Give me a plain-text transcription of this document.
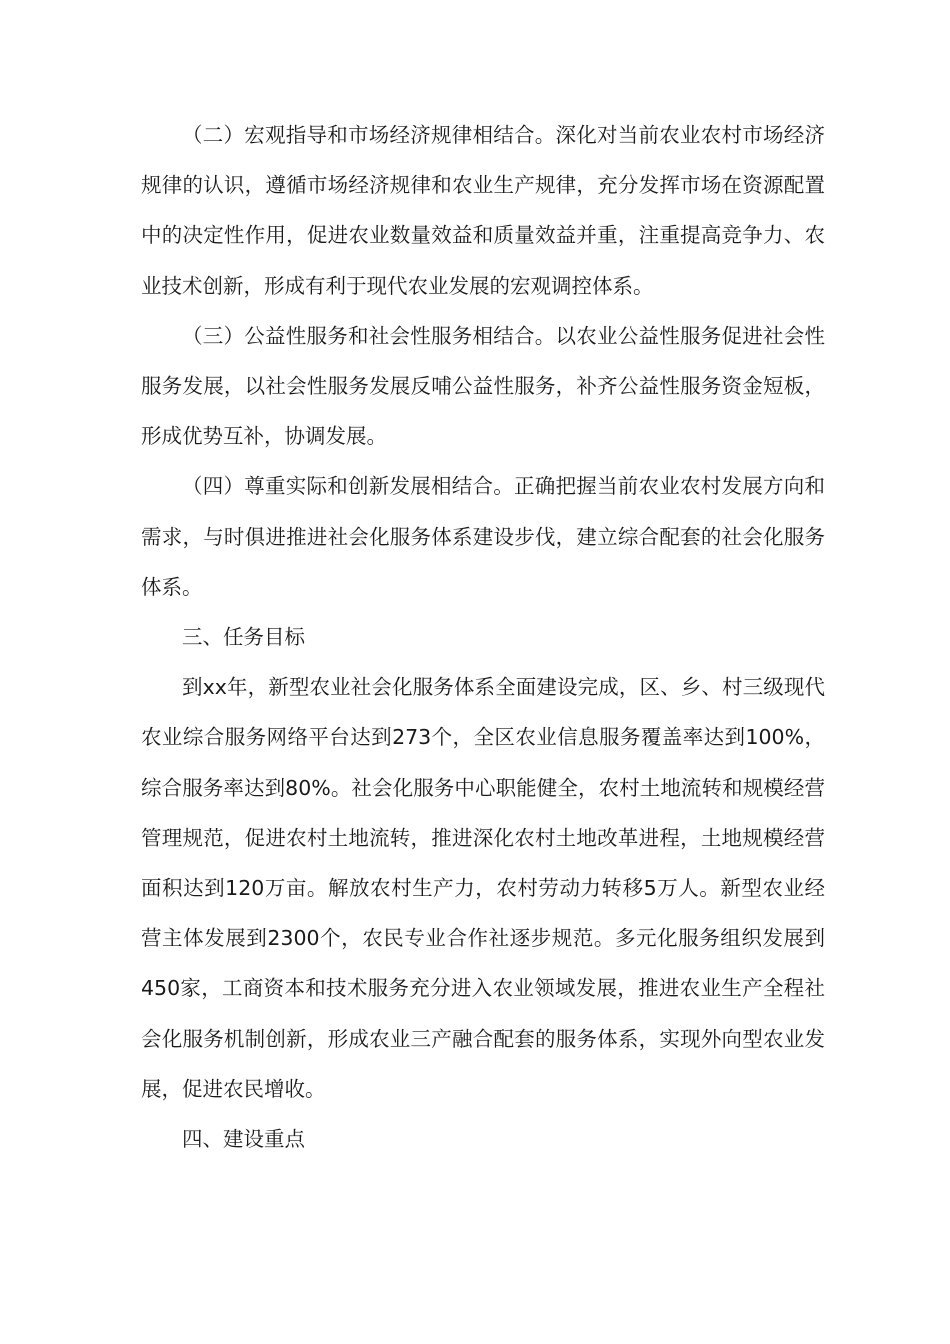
（二）宏观指导和市场经济规律相结合。深化对当前农业农村市场经济规律的认识，遵循市场经济规律和农业生产规律，充分发挥市场在资源配置中的决定性作用，促进农业数量效益和质量效益并重，注重提高竞争力、农业技术创新，形成有利于现代农业发展的宏观调控体系。

（三）公益性服务和社会性服务相结合。以农业公益性服务促进社会性服务发展，以社会性服务发展反哺公益性服务，补齐公益性服务资金短板，形成优势互补，协调发展。

（四）尊重实际和创新发展相结合。正确把握当前农业农村发展方向和需求，与时俱进推进社会化服务体系建设步伐，建立综合配套的社会化服务体系。

三、任务目标

到xx年，新型农业社会化服务体系全面建设完成，区、乡、村三级现代农业综合服务网络平台达到273个，全区农业信息服务覆盖率达到100%，综合服务率达到80%。社会化服务中心职能健全，农村土地流转和规模经营管理规范，促进农村土地流转，推进深化农村土地改革进程，土地规模经营面积达到120万亩。解放农村生产力，农村劳动力转移5万人。新型农业经营主体发展到2300个，农民专业合作社逐步规范。多元化服务组织发展到450家，工商资本和技术服务充分进入农业领域发展，推进农业生产全程社会化服务机制创新，形成农业三产融合配套的服务体系，实现外向型农业发展，促进农民增收。

四、建设重点
